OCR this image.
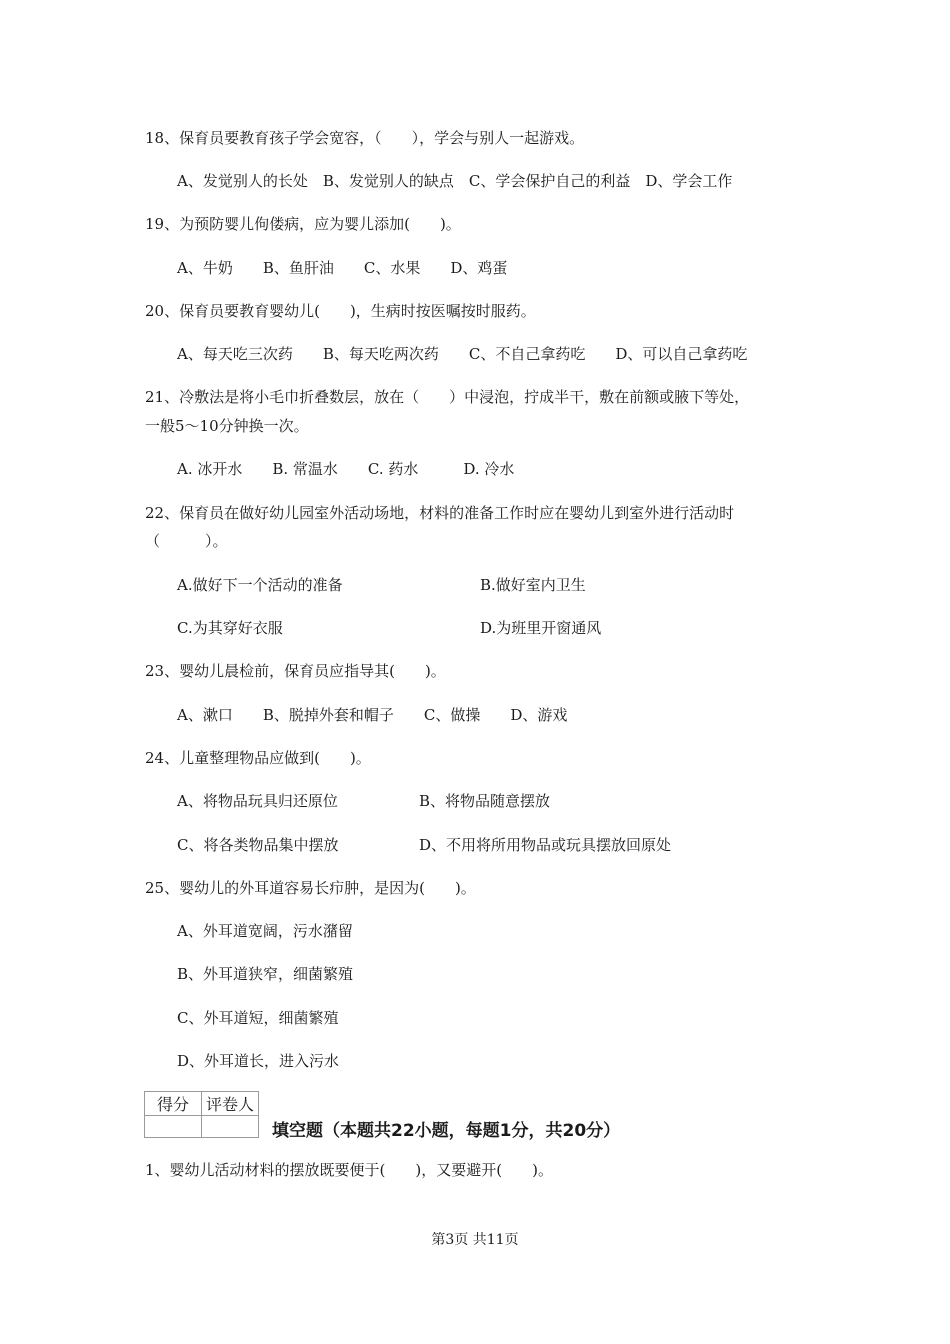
18、保育员要教育孩子学会宽容，（　　），学会与别人一起游戏。
A、发觉别人的长处　B、发觉别人的缺点　C、学会保护自己的利益　D、学会工作
19、为预防婴儿佝偻病，应为婴儿添加(　　)。
A、牛奶　　B、鱼肝油　　C、水果　　D、鸡蛋
20、保育员要教育婴幼儿(　　)，生病时按医嘱按时服药。
A、每天吃三次药　　B、每天吃两次药　　C、不自己拿药吃　　D、可以自己拿药吃
21、冷敷法是将小毛巾折叠数层，放在（　　）中浸泡，拧成半干，敷在前额或腋下等处，
一般5～10分钟换一次。
A. 冰开水　　B. 常温水　　C. 药水　　　D. 冷水
22、保育员在做好幼儿园室外活动场地，材料的准备工作时应在婴幼儿到室外进行活动时
（　　　）。
A.做好下一个活动的准备	B.做好室内卫生
C.为其穿好衣服	D.为班里开窗通风
23、婴幼儿晨检前，保育员应指导其(　　)。
A、漱口　　B、脱掉外套和帽子　　C、做操　　D、游戏
24、儿童整理物品应做到(　　)。
A、将物品玩具归还原位	B、将物品随意摆放
C、将各类物品集中摆放	D、不用将所用物品或玩具摆放回原处
25、婴幼儿的外耳道容易长疖肿，是因为(　　)。
A、外耳道宽阔，污水潴留
B、外耳道狭窄，细菌繁殖
C、外耳道短，细菌繁殖
D、外耳道长，进入污水
得分	评卷人

填空题（本题共22小题，每题1分，共20分）
1、婴幼儿活动材料的摆放既要便于(　　)，又要避开(　　)。
第3页 共11页
